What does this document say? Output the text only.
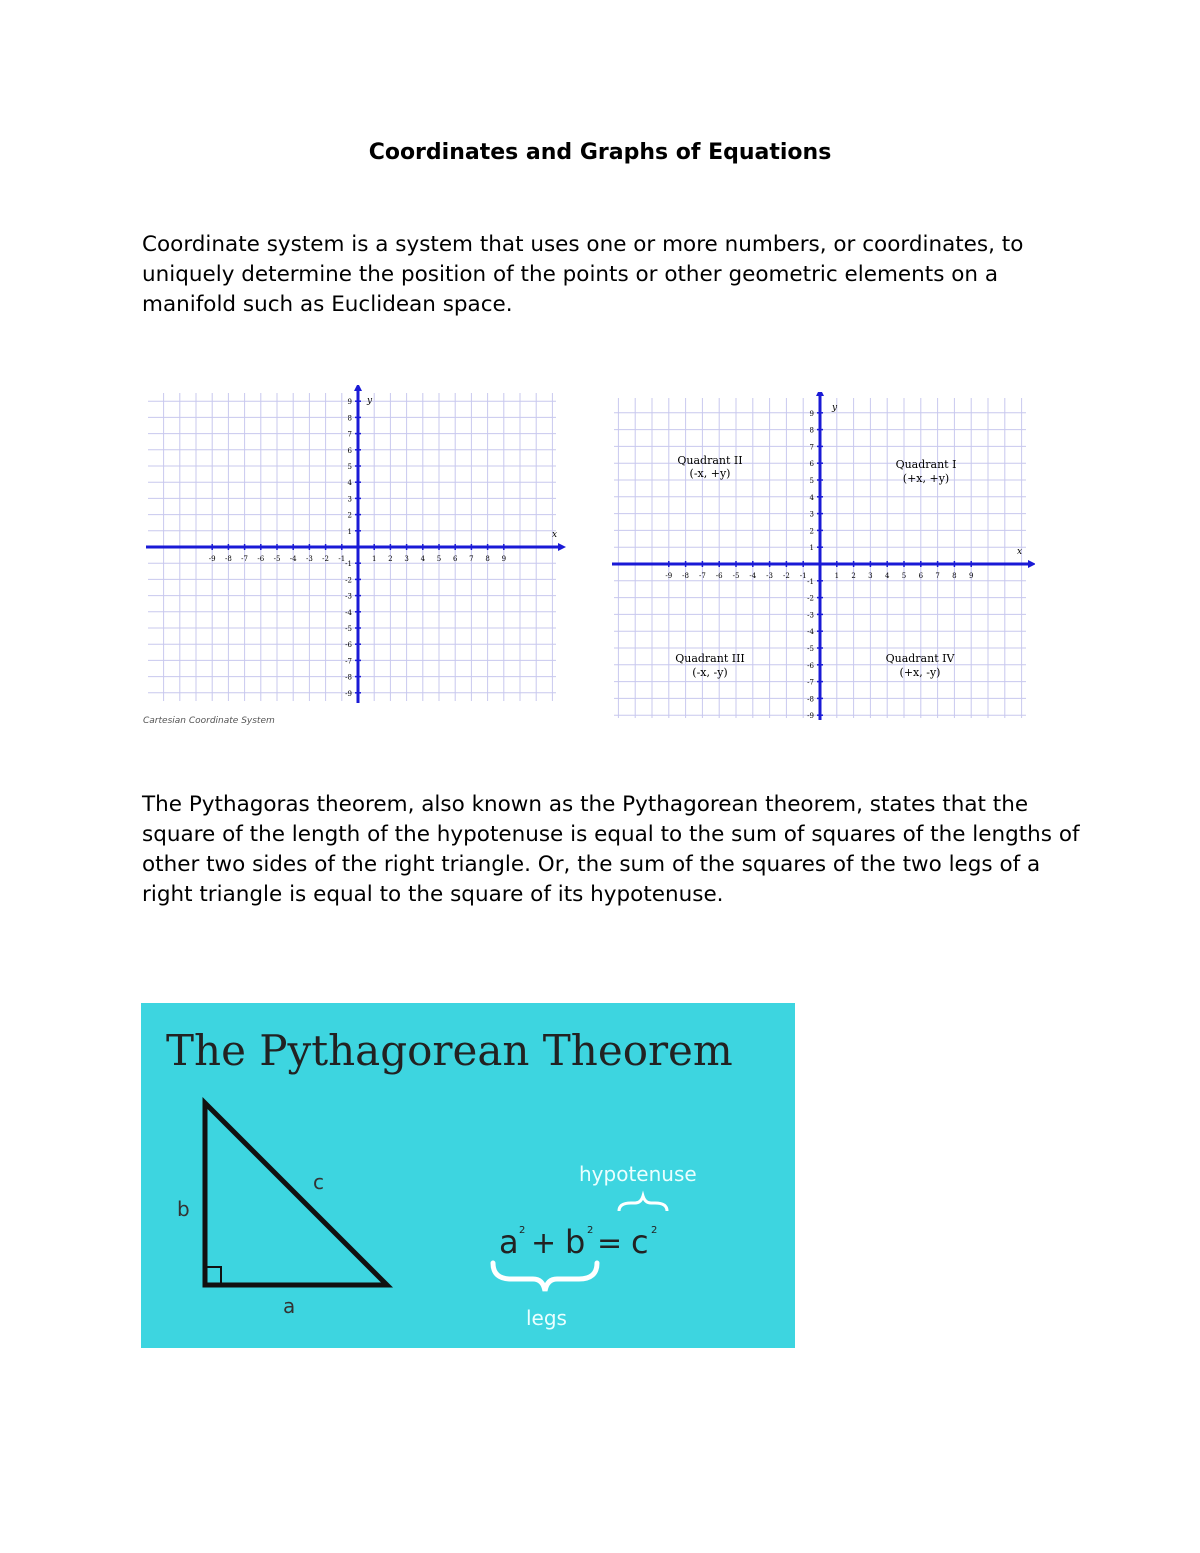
Coordinates and Graphs of Equations

Coordinate system is a system that uses one or more numbers, or coordinates, to uniquely determine the position of the points or other geometric elements on a manifold such as Euclidean space.

-9 -8 -7 -6 -5 -4 -3 -2 -1	1 2 3 4 5 6 7 8 9
9
8
7
6
5
4
3
2
1
-1
-2
-3
-4
-5
-6
-7
-8
-9
x
y
Cartesian Coordinate System
-9 -8 -7 -6 -5 -4 -3 -2 -1	1 2 3 4 5 6 7 8 9
9
8
7
6
5
4
3
2
1
-1
-2
-3
-4
-5
-6
-7
-8
-9
x
y
Quadrant II
(-x, +y)
Quadrant I
(+x, +y)
Quadrant III
(-x, -y)
Quadrant IV
(+x, -y)

The Pythagoras theorem, also known as the Pythagorean theorem, states that the square of the length of the hypotenuse is equal to the sum of squares of the lengths of other two sides of the right triangle. Or, the sum of the squares of the two legs of a right triangle is equal to the square of its hypotenuse.

The Pythagorean Theorem
b
c
a
hypotenuse
a 2 + b 2 = c 2
legs
